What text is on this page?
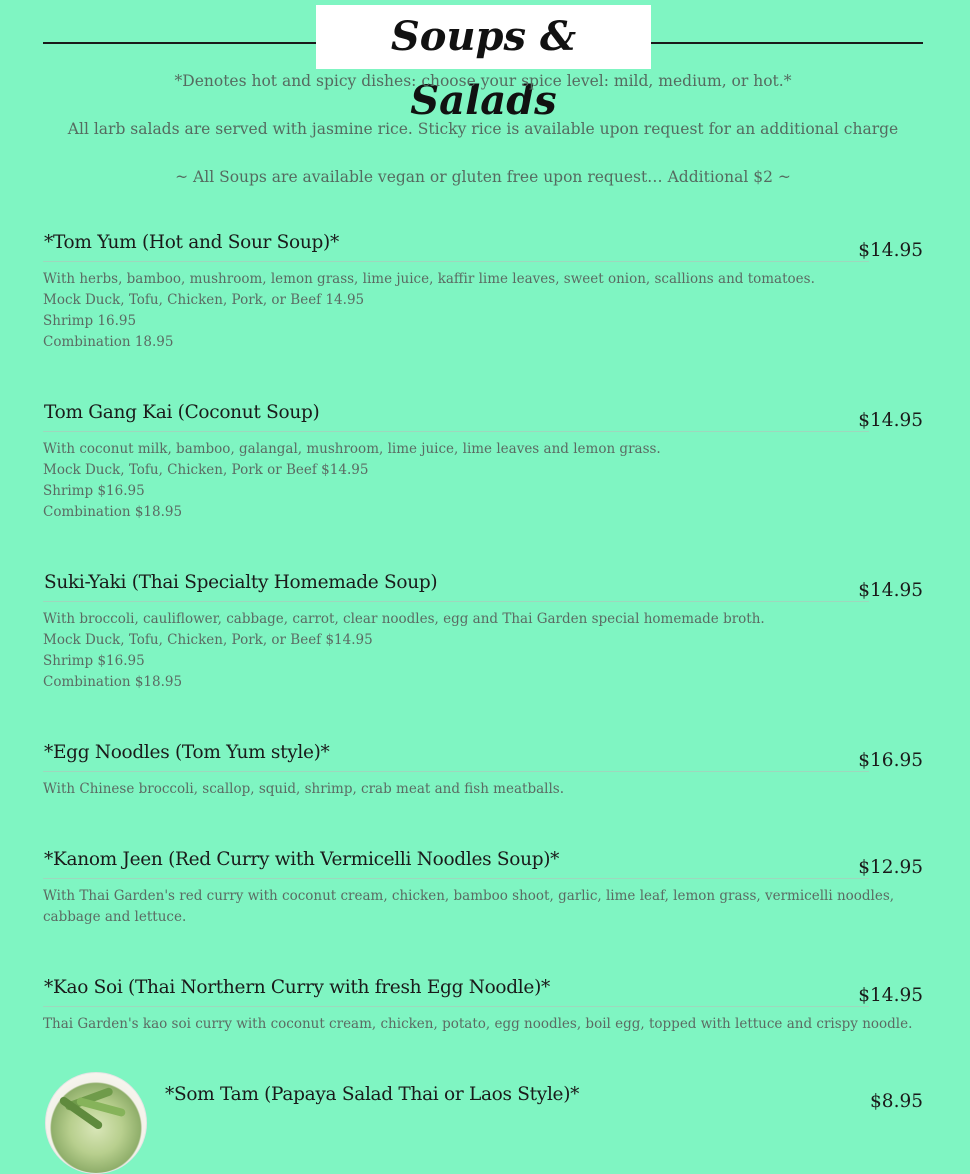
Soups & Salads
*Denotes hot and spicy dishes: choose your spice level: mild, medium, or hot.*
All larb salads are served with jasmine rice. Sticky rice is available upon request for an additional charge
~ All Soups are available vegan or gluten free upon request… Additional $2 ~
*Tom Yum (Hot and Sour Soup)*	$14.95
With herbs, bamboo, mushroom, lemon grass, lime juice, kaffir lime leaves, sweet onion, scallions and tomatoes.
Mock Duck, Tofu, Chicken, Pork, or Beef 14.95
Shrimp 16.95
Combination 18.95
Tom Gang Kai (Coconut Soup)	$14.95
With coconut milk, bamboo, galangal, mushroom, lime juice, lime leaves and lemon grass.
Mock Duck, Tofu, Chicken, Pork or Beef $14.95
Shrimp $16.95
Combination $18.95
Suki-Yaki (Thai Specialty Homemade Soup)	$14.95
With broccoli, cauliflower, cabbage, carrot, clear noodles, egg and Thai Garden special homemade broth.
Mock Duck, Tofu, Chicken, Pork, or Beef $14.95
Shrimp $16.95
Combination $18.95
*Egg Noodles (Tom Yum style)*	$16.95
With Chinese broccoli, scallop, squid, shrimp, crab meat and fish meatballs.
*Kanom Jeen (Red Curry with Vermicelli Noodles Soup)*	$12.95
With Thai Garden's red curry with coconut cream, chicken, bamboo shoot, garlic, lime leaf, lemon grass, vermicelli noodles, cabbage and lettuce.
*Kao Soi (Thai Northern Curry with fresh Egg Noodle)*	$14.95
Thai Garden's kao soi curry with coconut cream, chicken, potato, egg noodles, boil egg, topped with lettuce and crispy noodle.
*Som Tam (Papaya Salad Thai or Laos Style)*	$8.95
